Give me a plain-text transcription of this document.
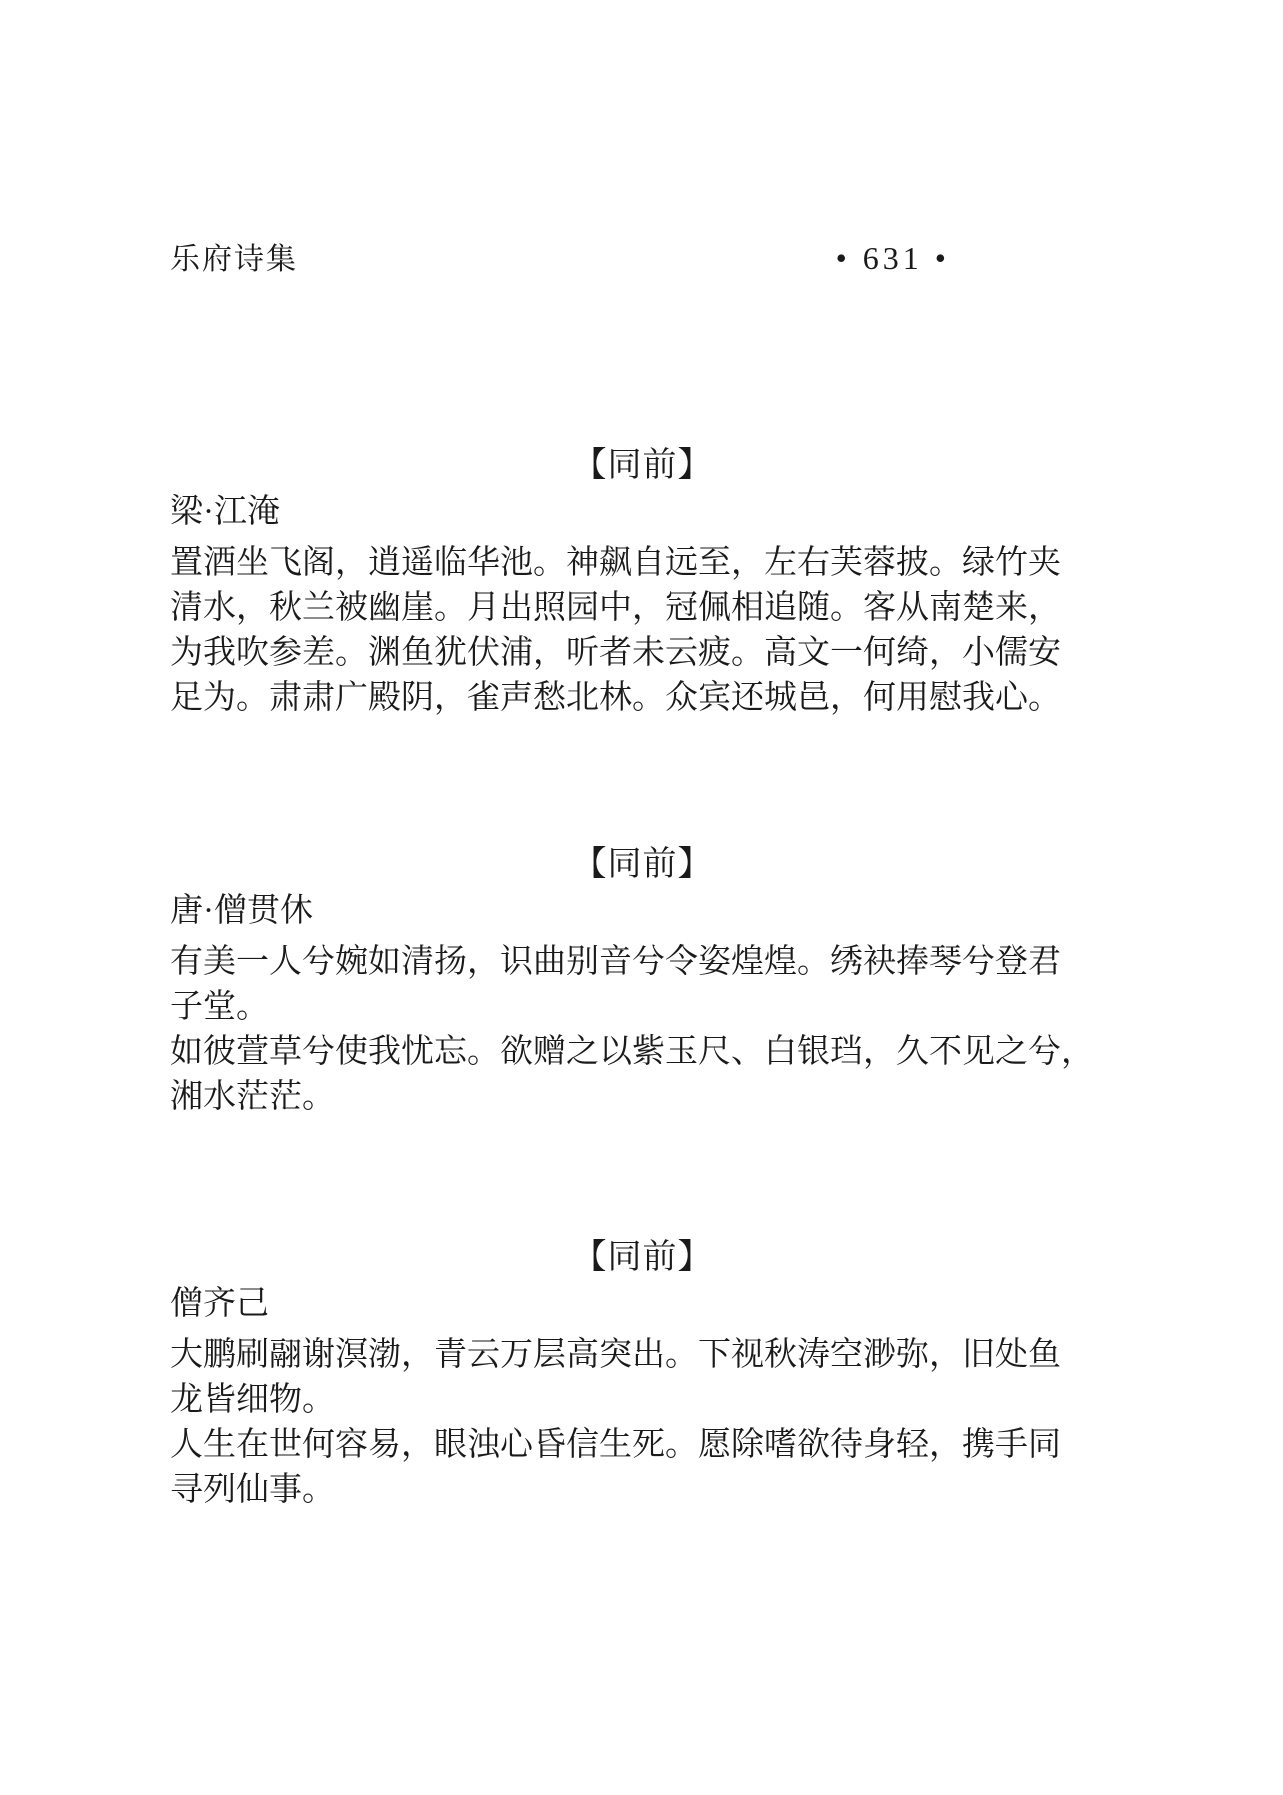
乐府诗集	• 631 •
【同前】
梁·江淹
置酒坐飞阁，逍遥临华池。神飙自远至，左右芙蓉披。绿竹夹
清水，秋兰被幽崖。月出照园中，冠佩相追随。客从南楚来，
为我吹参差。渊鱼犹伏浦，听者未云疲。高文一何绮，小儒安
足为。肃肃广殿阴，雀声愁北林。众宾还城邑，何用慰我心。
【同前】
唐·僧贯休
有美一人兮婉如清扬，识曲别音兮令姿煌煌。绣袂捧琴兮登君
子堂。
如彼萱草兮使我忧忘。欲赠之以紫玉尺、白银珰，久不见之兮，
湘水茫茫。
【同前】
僧齐己
大鹏刷翮谢溟渤，青云万层高突出。下视秋涛空渺弥，旧处鱼
龙皆细物。
人生在世何容易，眼浊心昏信生死。愿除嗜欲待身轻，携手同
寻列仙事。
